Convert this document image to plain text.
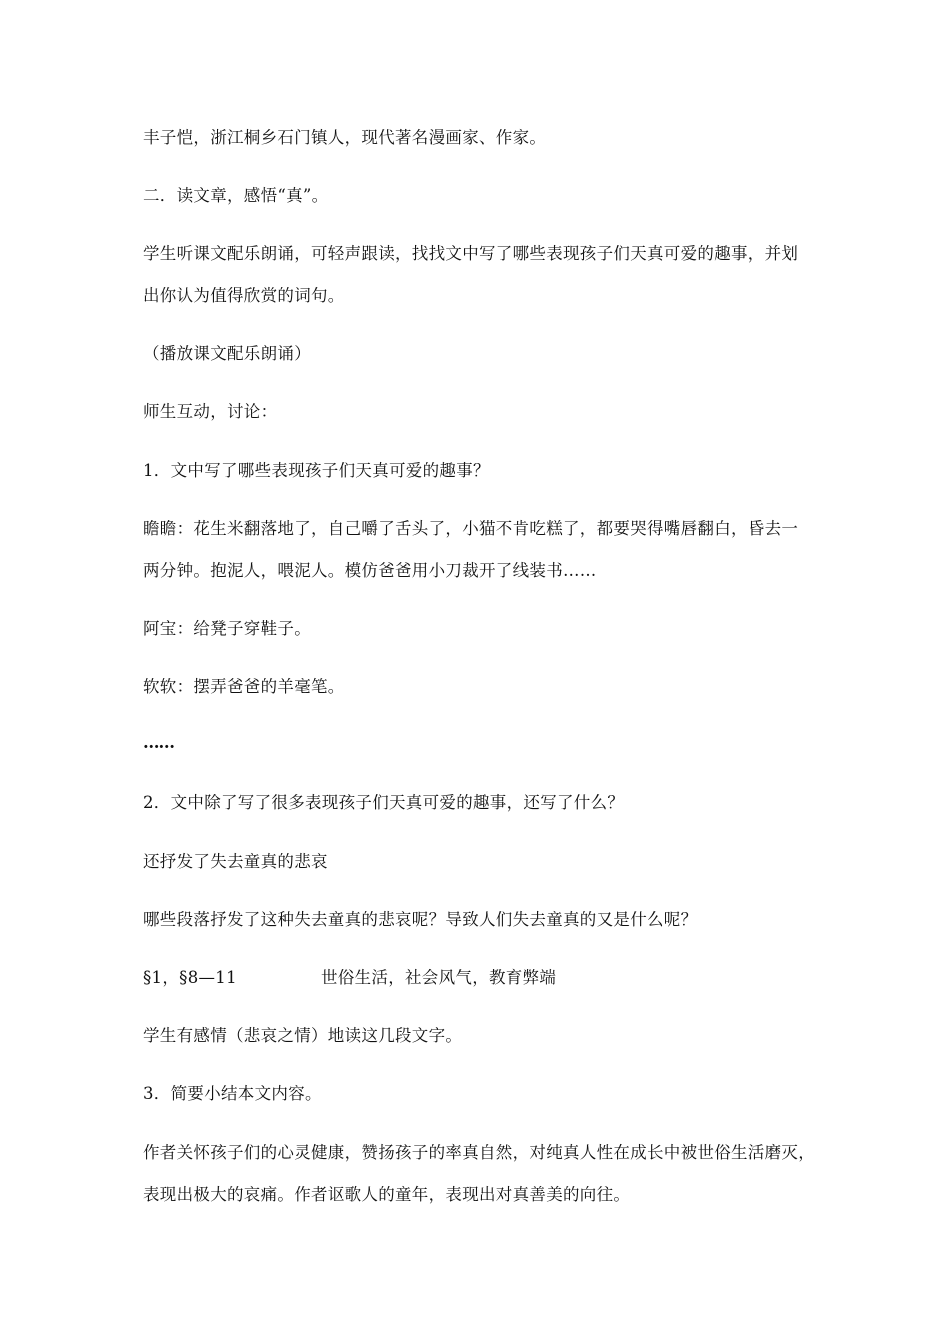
丰子恺，浙江桐乡石门镇人，现代著名漫画家、作家。
二．读文章，感悟“真”。
学生听课文配乐朗诵，可轻声跟读，找找文中写了哪些表现孩子们天真可爱的趣事，并划
出你认为值得欣赏的词句。
（播放课文配乐朗诵）
师生互动，讨论：
1．文中写了哪些表现孩子们天真可爱的趣事？
瞻瞻：花生米翻落地了，自己嚼了舌头了，小猫不肯吃糕了，都要哭得嘴唇翻白，昏去一
两分钟。抱泥人，喂泥人。模仿爸爸用小刀裁开了线装书……
阿宝：给凳子穿鞋子。
软软：摆弄爸爸的羊毫笔。
……
2．文中除了写了很多表现孩子们天真可爱的趣事，还写了什么？
还抒发了失去童真的悲哀
哪些段落抒发了这种失去童真的悲哀呢？导致人们失去童真的又是什么呢？
§1，§8—11	世俗生活，社会风气，教育弊端
学生有感情（悲哀之情）地读这几段文字。
3．简要小结本文内容。
作者关怀孩子们的心灵健康，赞扬孩子的率真自然，对纯真人性在成长中被世俗生活磨灭，
表现出极大的哀痛。作者讴歌人的童年，表现出对真善美的向往。
